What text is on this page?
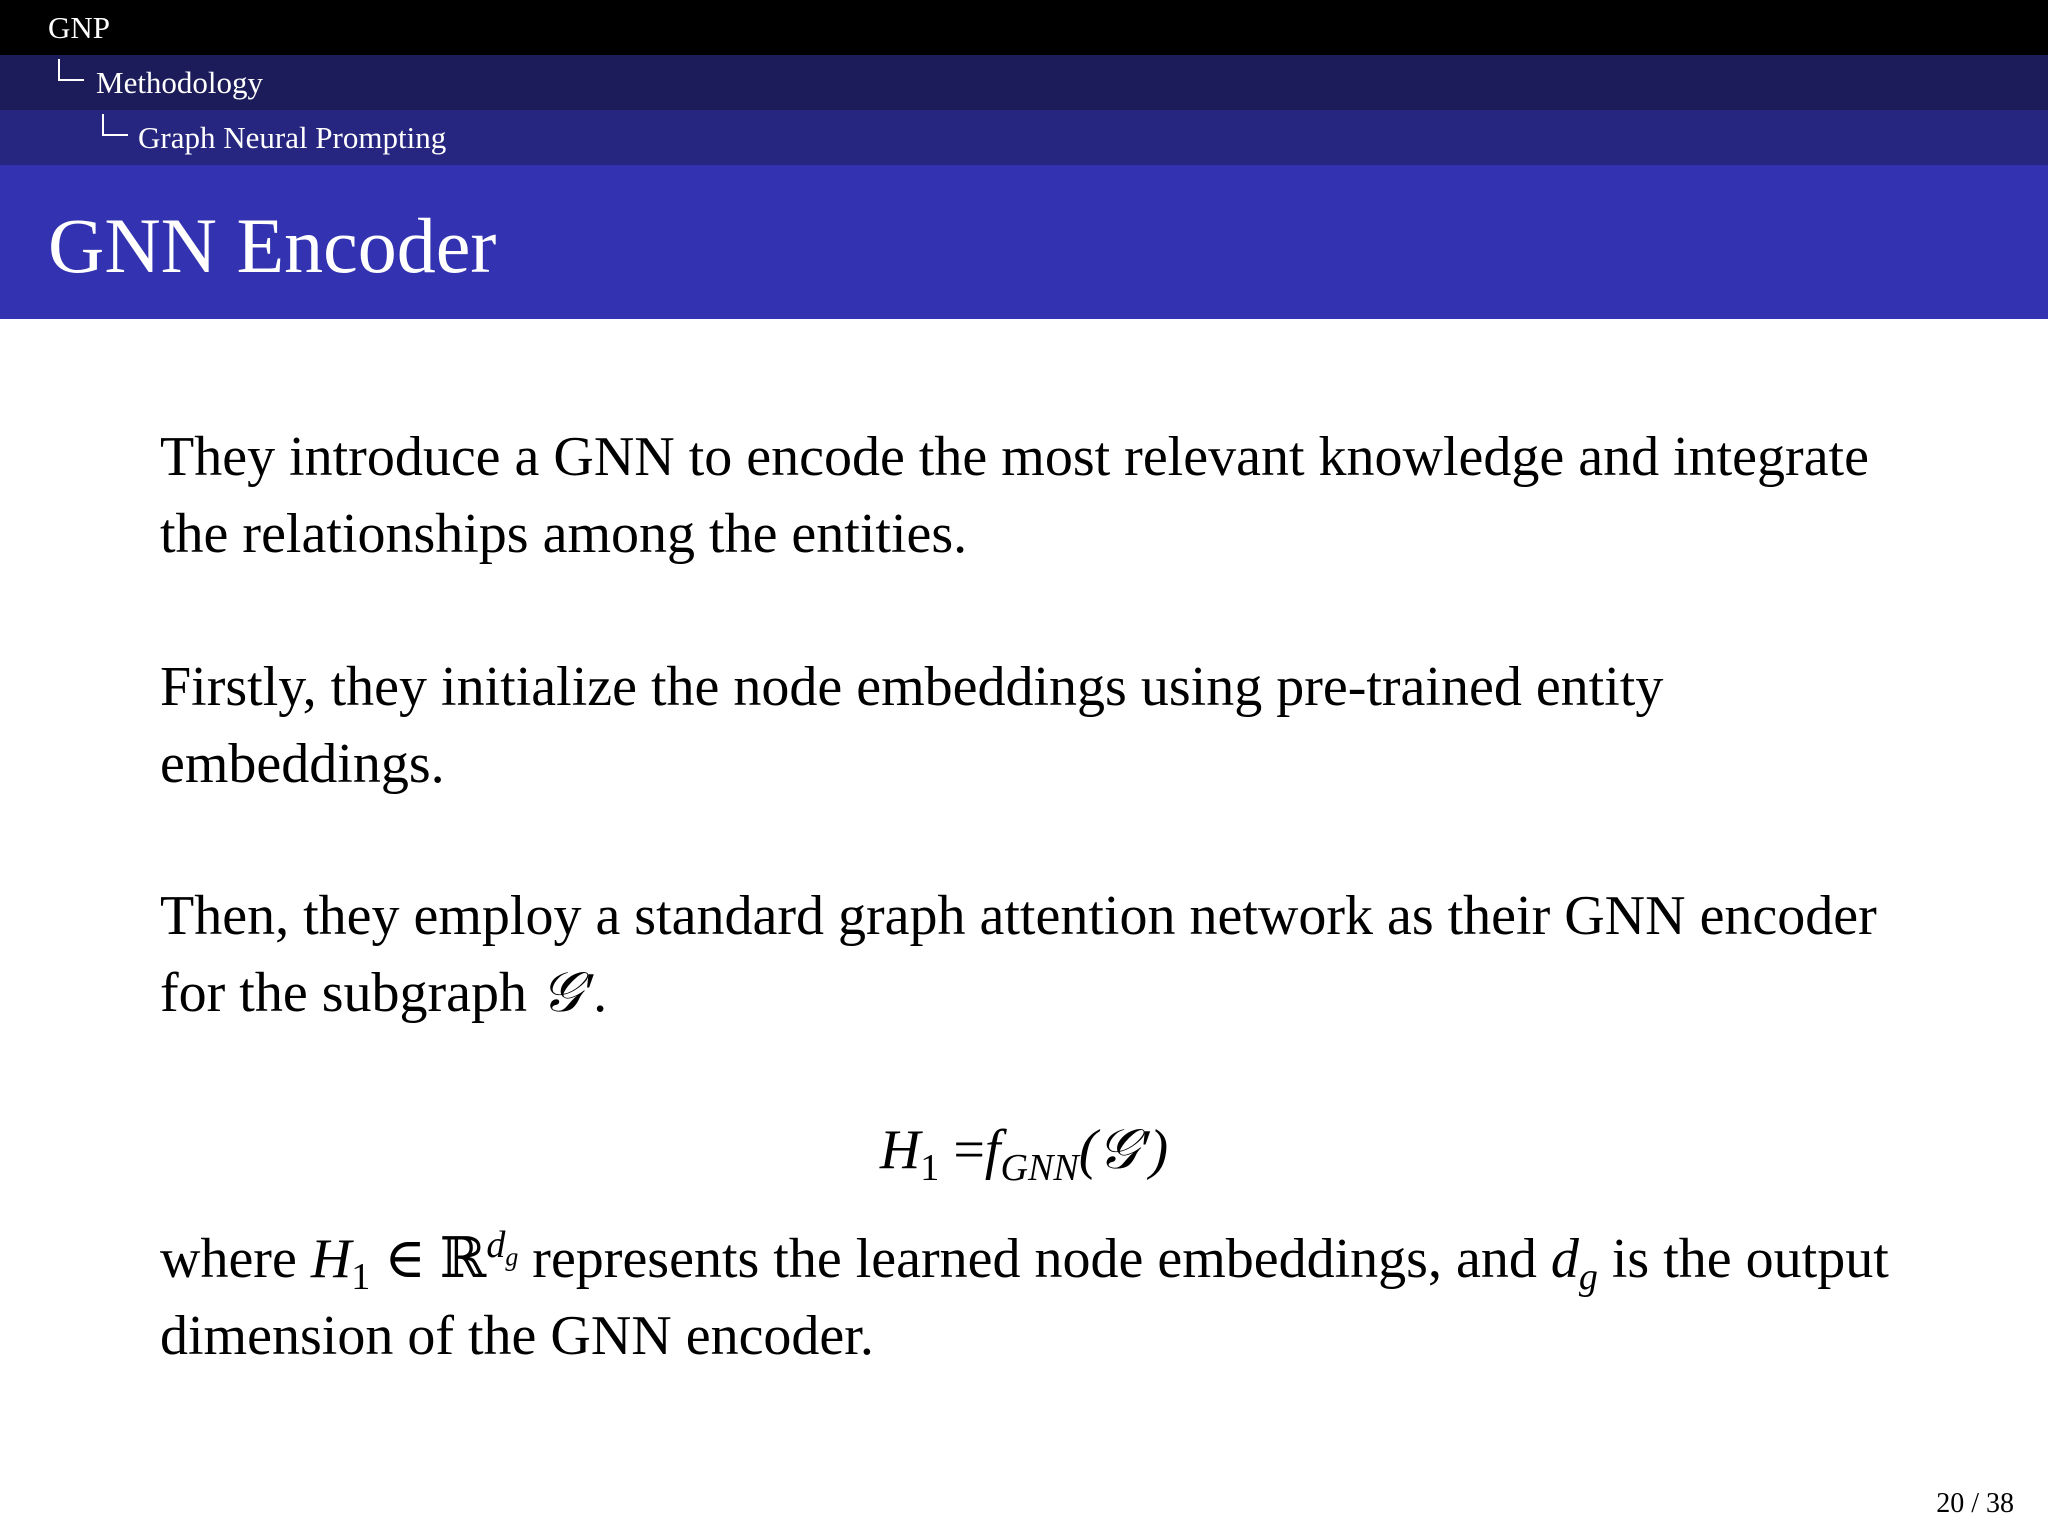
GNP
Methodology
Graph Neural Prompting
GNN Encoder

They introduce a GNN to encode the most relevant knowledge and integrate the relationships among the entities.

Firstly, they initialize the node embeddings using pre-trained entity embeddings.

Then, they employ a standard graph attention network as their GNN encoder for the subgraph 𝒢′.

$H_1$ $=f_{GNN}(𝒢')$

where $H_1$ ∈ ℝ$^{d_g}$ represents the learned node embeddings, and $d_g$ is the output dimension of the GNN encoder.

20 / 38
